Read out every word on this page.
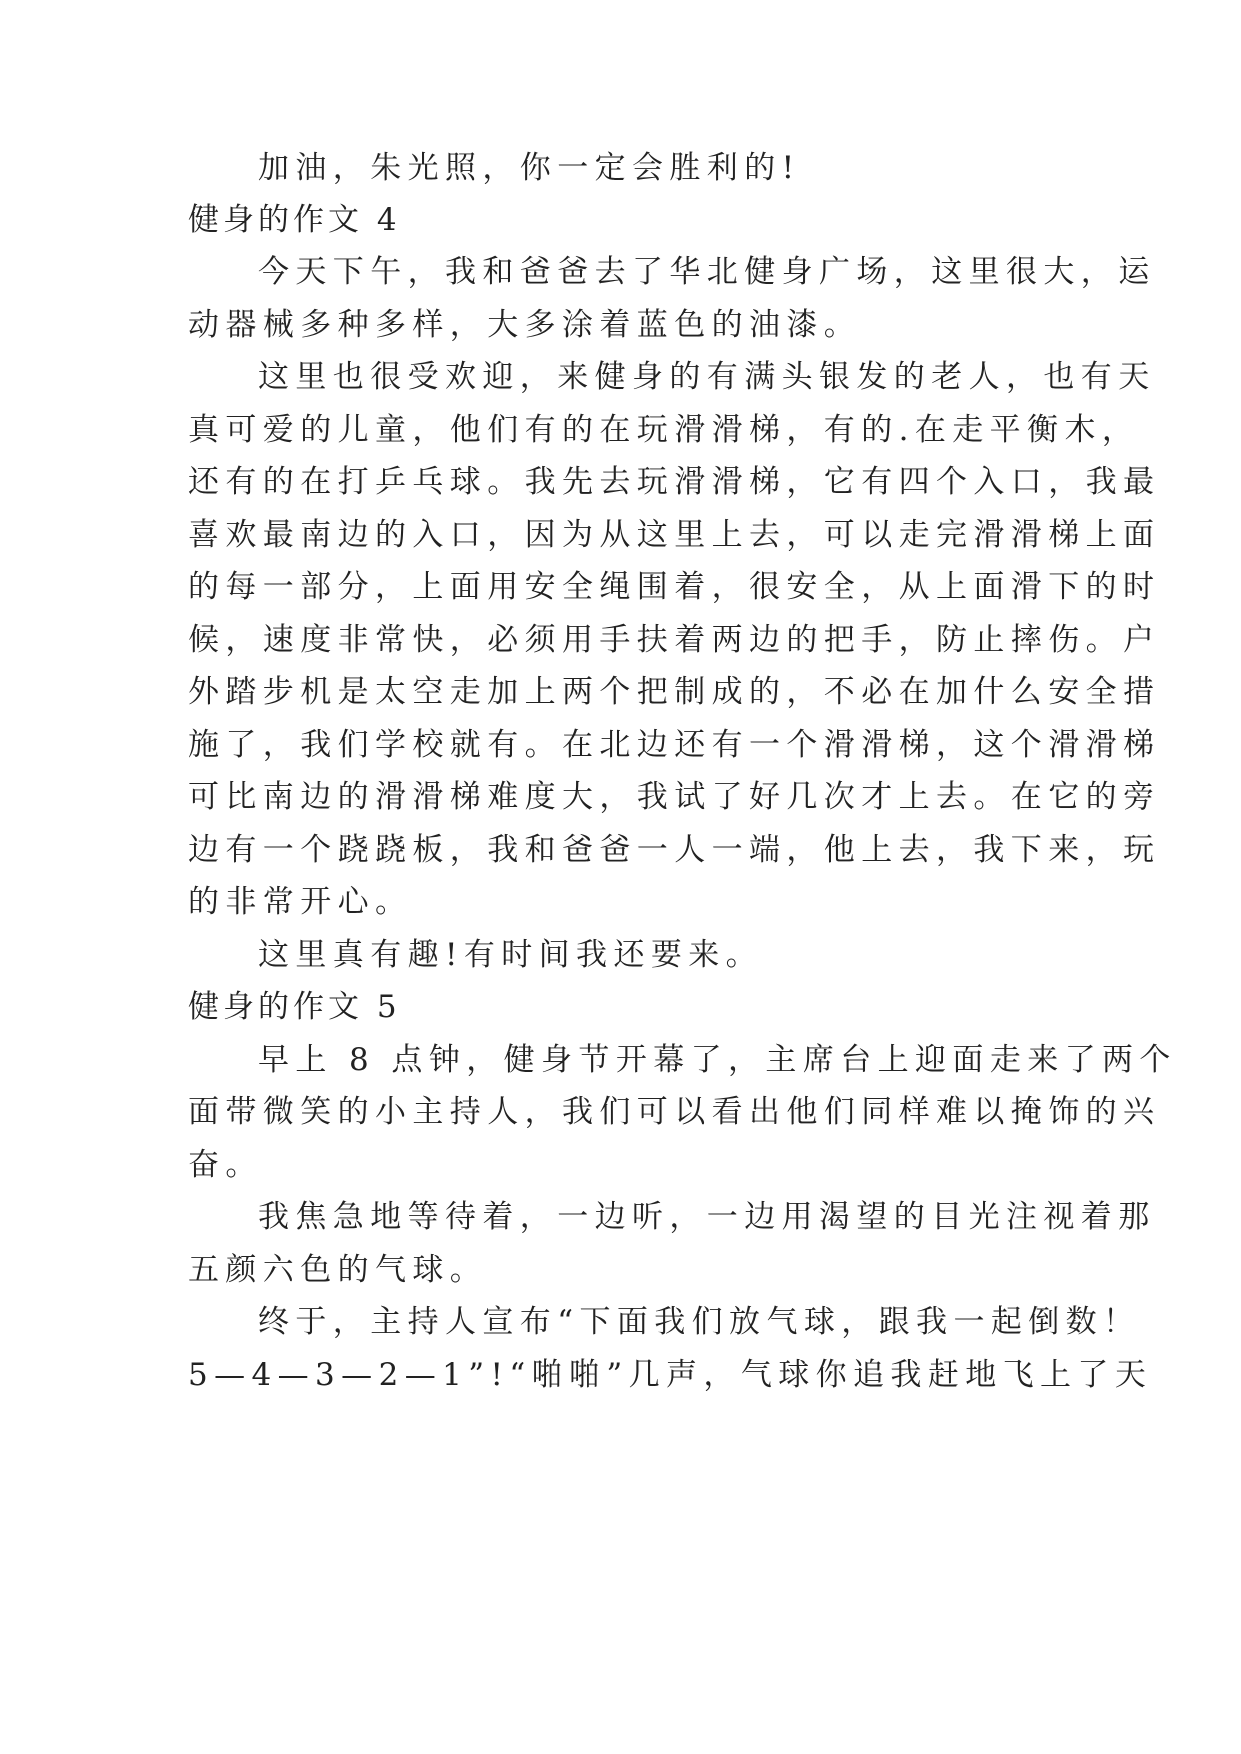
加油，朱光照，你一定会胜利的!
健身的作文 4
今天下午，我和爸爸去了华北健身广场，这里很大，运
动器械多种多样，大多涂着蓝色的油漆。
这里也很受欢迎，来健身的有满头银发的老人，也有天
真可爱的儿童，他们有的在玩滑滑梯，有的.在走平衡木，
还有的在打乒乓球。我先去玩滑滑梯，它有四个入口，我最
喜欢最南边的入口，因为从这里上去，可以走完滑滑梯上面
的每一部分，上面用安全绳围着，很安全，从上面滑下的时
候，速度非常快，必须用手扶着两边的把手，防止摔伤。户
外踏步机是太空走加上两个把制成的，不必在加什么安全措
施了，我们学校就有。在北边还有一个滑滑梯，这个滑滑梯
可比南边的滑滑梯难度大，我试了好几次才上去。在它的旁
边有一个跷跷板，我和爸爸一人一端，他上去，我下来，玩
的非常开心。
这里真有趣!有时间我还要来。
健身的作文 5
早上 8 点钟，健身节开幕了，主席台上迎面走来了两个
面带微笑的小主持人，我们可以看出他们同样难以掩饰的兴
奋。
我焦急地等待着，一边听，一边用渴望的目光注视着那
五颜六色的气球。
终于，主持人宣布“下面我们放气球，跟我一起倒数！
5—4—3—2—1”!“啪啪”几声，气球你追我赶地飞上了天
